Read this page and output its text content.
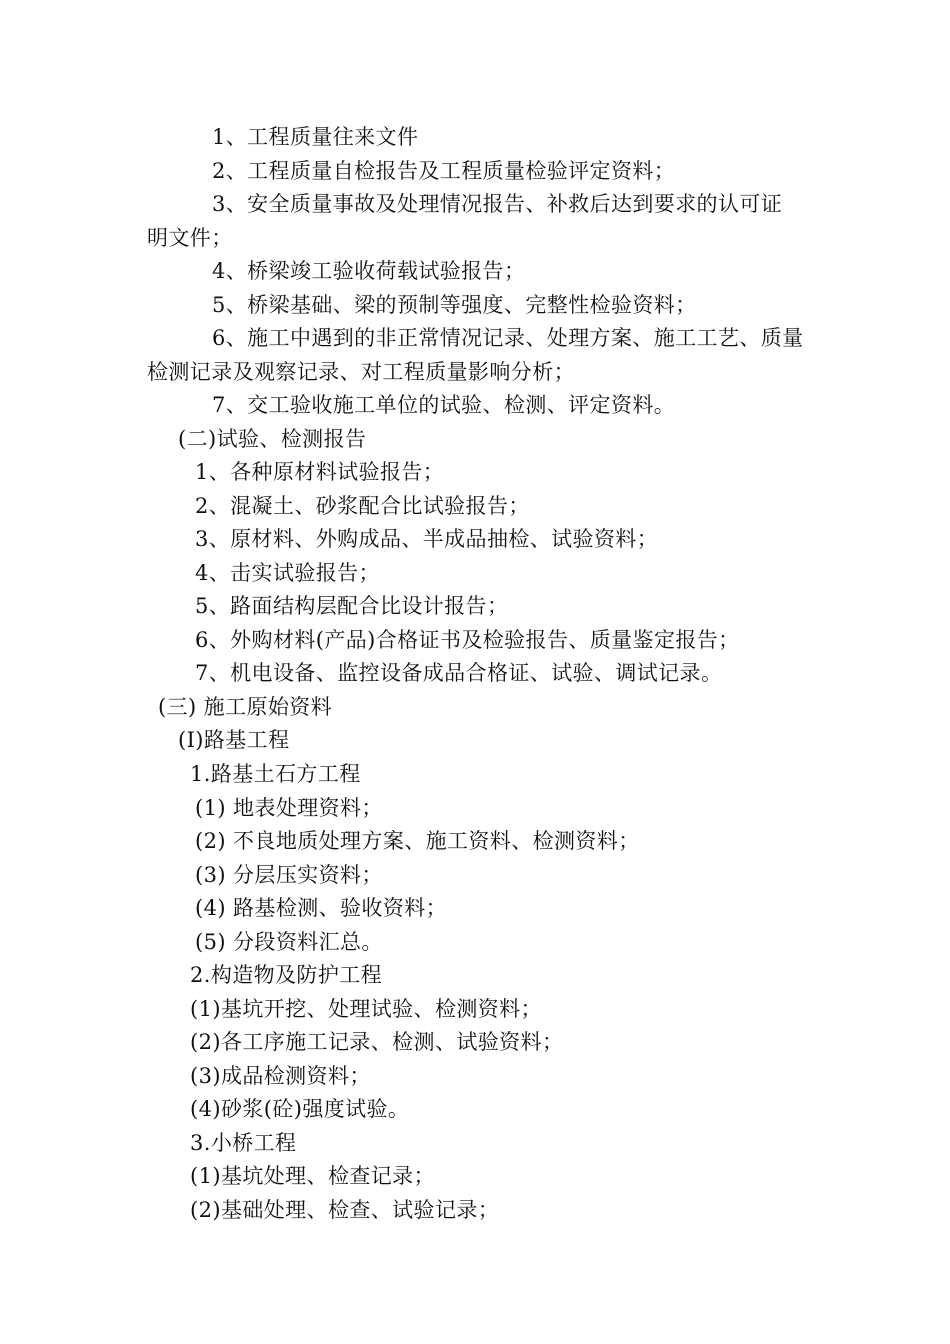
1、工程质量往来文件
2、工程质量自检报告及工程质量检验评定资料；
3、安全质量事故及处理情况报告、补救后达到要求的认可证
明文件；
4、桥梁竣工验收荷载试验报告；
5、桥梁基础、梁的预制等强度、完整性检验资料；
6、施工中遇到的非正常情况记录、处理方案、施工工艺、质量
检测记录及观察记录、对工程质量影响分析；
7、交工验收施工单位的试验、检测、评定资料。
(二)试验、检测报告
1、各种原材料试验报告；
2、混凝土、砂浆配合比试验报告；
3、原材料、外购成品、半成品抽检、试验资料；
4、击实试验报告；
5、路面结构层配合比设计报告；
6、外购材料(产品)合格证书及检验报告、质量鉴定报告；
7、机电设备、监控设备成品合格证、试验、调试记录。
(三) 施工原始资料
(Ⅰ)路基工程
1.路基土石方工程
(1) 地表处理资料；
(2) 不良地质处理方案、施工资料、检测资料；
(3) 分层压实资料；
(4) 路基检测、验收资料；
(5) 分段资料汇总。
2.构造物及防护工程
(1)基坑开挖、处理试验、检测资料；
(2)各工序施工记录、检测、试验资料；
(3)成品检测资料；
(4)砂浆(砼)强度试验。
3.小桥工程
(1)基坑处理、检查记录；
(2)基础处理、检查、试验记录；
